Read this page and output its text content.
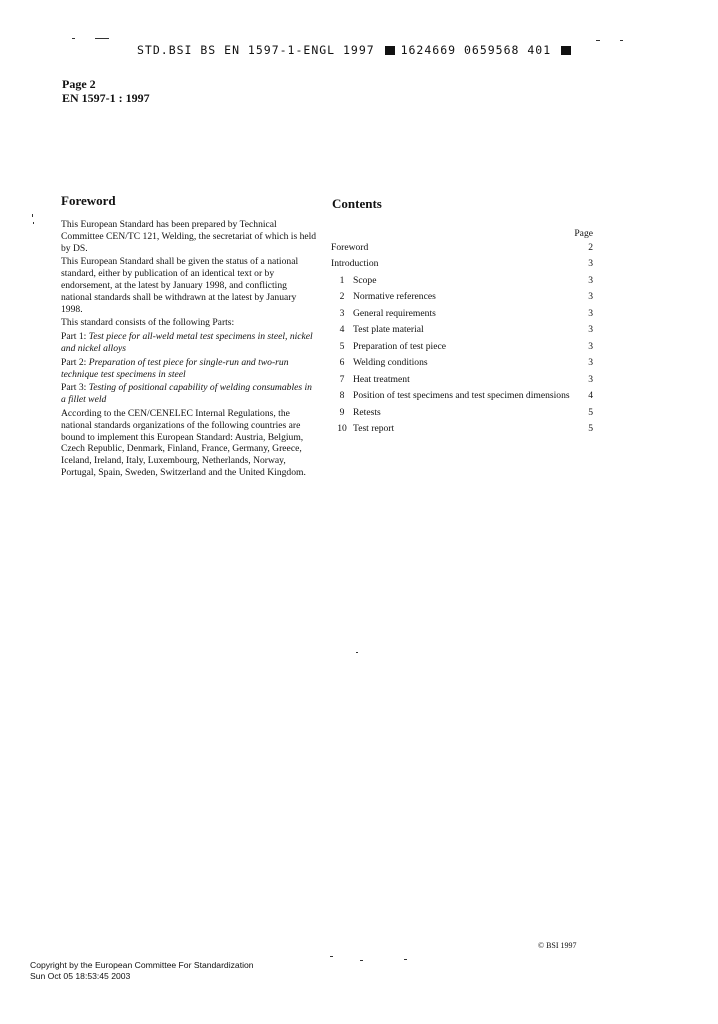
STD.BSI BS EN 1597-1-ENGL 1997 1624669 0659568 401
Page 2
EN 1597-1 : 1997
Foreword

This European Standard has been prepared by Technical Committee CEN/TC 121, Welding, the secretariat of which is held by DS.

This European Standard shall be given the status of a national standard, either by publication of an identical text or by endorsement, at the latest by January 1998, and conflicting national standards shall be withdrawn at the latest by January 1998.

This standard consists of the following Parts:

Part 1: Test piece for all-weld metal test specimens in steel, nickel and nickel alloys

Part 2: Preparation of test piece for single-run and two-run technique test specimens in steel

Part 3: Testing of positional capability of welding consumables in a fillet weld

According to the CEN/CENELEC Internal Regulations, the national standards organizations of the following countries are bound to implement this European Standard: Austria, Belgium, Czech Republic, Denmark, Finland, France, Germany, Greece, Iceland, Ireland, Italy, Luxembourg, Netherlands, Norway, Portugal, Spain, Sweden, Switzerland and the United Kingdom.

Contents
Page
Foreword	2
Introduction	3
1 Scope	3
2 Normative references	3
3 General requirements	3
4 Test plate material	3
5 Preparation of test piece	3
6 Welding conditions	3
7 Heat treatment	3
8 Position of test specimens and test specimen dimensions	4
9 Retests	5
10 Test report	5
© BSI 1997
Copyright by the European Committee For Standardization
Sun Oct 05 18:53:45 2003
